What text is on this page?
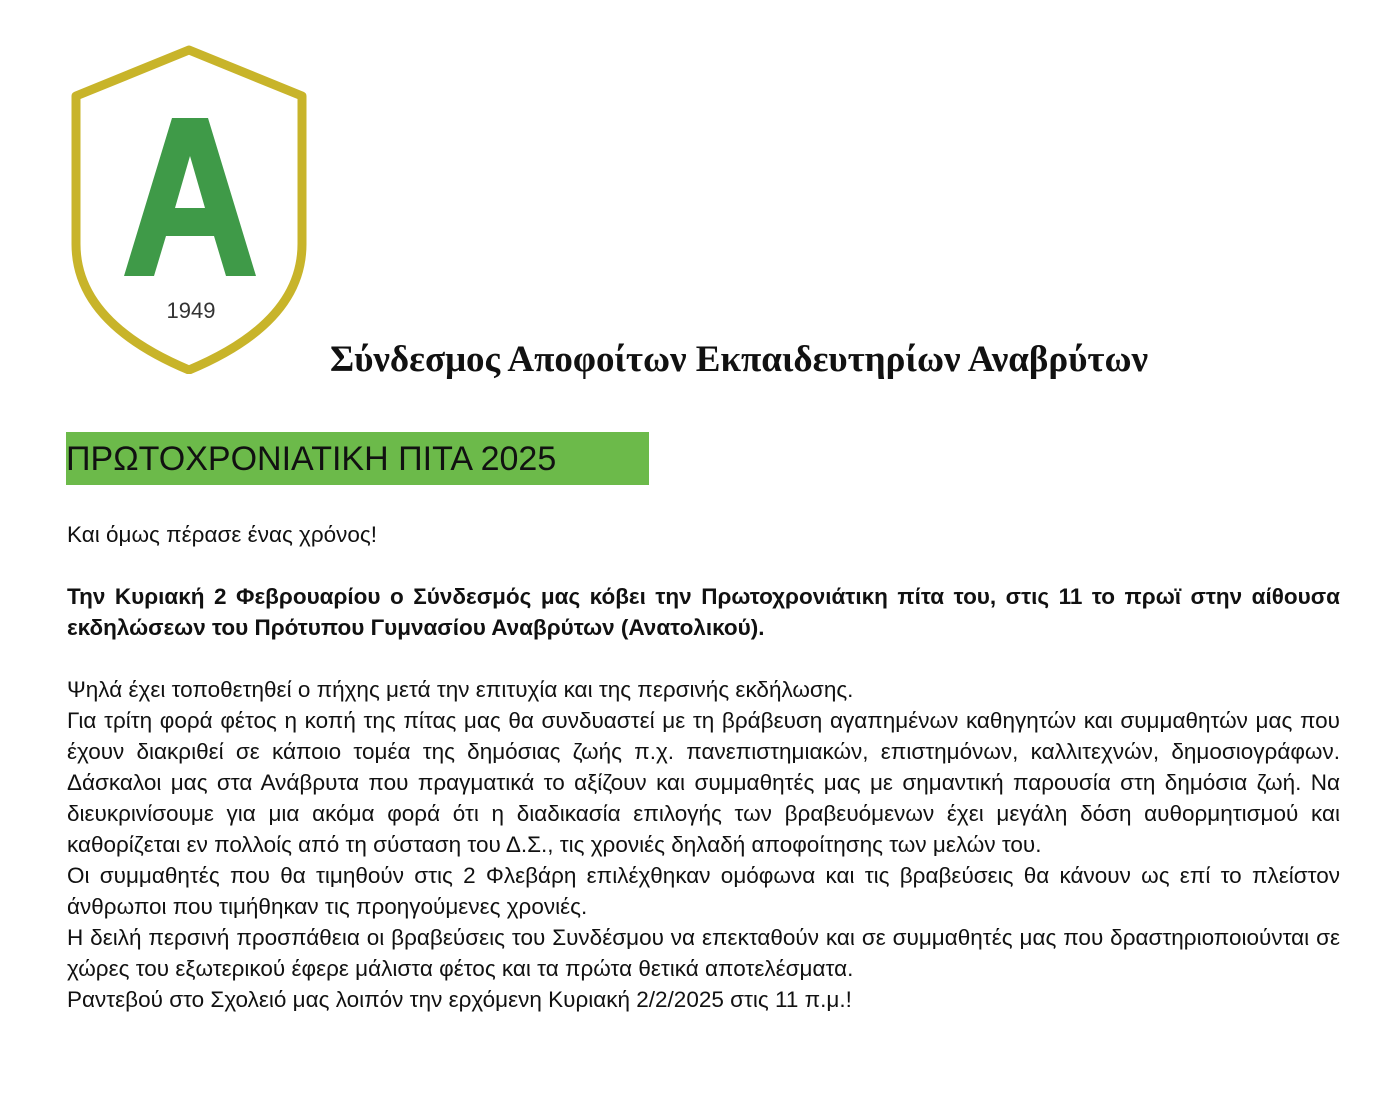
1949
Σύνδεσμος Αποφοίτων Εκπαιδευτηρίων Αναβρύτων
ΠΡΩΤΟΧΡΟΝΙΑΤΙΚΗ ΠΙΤΑ 2025

Και όμως πέρασε ένας χρόνος!

Την Κυριακή 2 Φεβρουαρίου ο Σύνδεσμός μας κόβει την Πρωτοχρονιάτικη πίτα του, στις 11 το πρωϊ στην αίθουσα εκδηλώσεων του Πρότυπου Γυμνασίου Αναβρύτων (Ανατολικού).

Ψηλά έχει τοποθετηθεί ο πήχης μετά την επιτυχία και της περσινής εκδήλωσης.

Για τρίτη φορά φέτος η κοπή της πίτας μας θα συνδυαστεί με τη βράβευση αγαπημένων καθηγητών και συμμαθητών μας που έχουν διακριθεί σε κάποιο τομέα της δημόσιας ζωής π.χ. πανεπιστημιακών, επιστημόνων, καλλιτεχνών, δημοσιογράφων. Δάσκαλοι μας στα Ανάβρυτα που πραγματικά το αξίζουν και συμμαθητές μας με σημαντική παρουσία στη δημόσια ζωή. Να διευκρινίσουμε για μια ακόμα φορά ότι η διαδικασία επιλογής των βραβευόμενων έχει μεγάλη δόση αυθορμητισμού και καθορίζεται εν πολλοίς από τη σύσταση του Δ.Σ., τις χρονιές δηλαδή αποφοίτησης των μελών του.

Οι συμμαθητές που θα τιμηθούν στις 2 Φλεβάρη επιλέχθηκαν ομόφωνα και τις βραβεύσεις θα κάνουν ως επί το πλείστον άνθρωποι που τιμήθηκαν τις προηγούμενες χρονιές.

Η δειλή περσινή προσπάθεια οι βραβεύσεις του Συνδέσμου να επεκταθούν και σε συμμαθητές μας που δραστηριοποιούνται σε χώρες του εξωτερικού έφερε μάλιστα φέτος και τα πρώτα θετικά αποτελέσματα.

Ραντεβού στο Σχολειό μας λοιπόν την ερχόμενη Κυριακή 2/2/2025 στις 11 π.μ.!
